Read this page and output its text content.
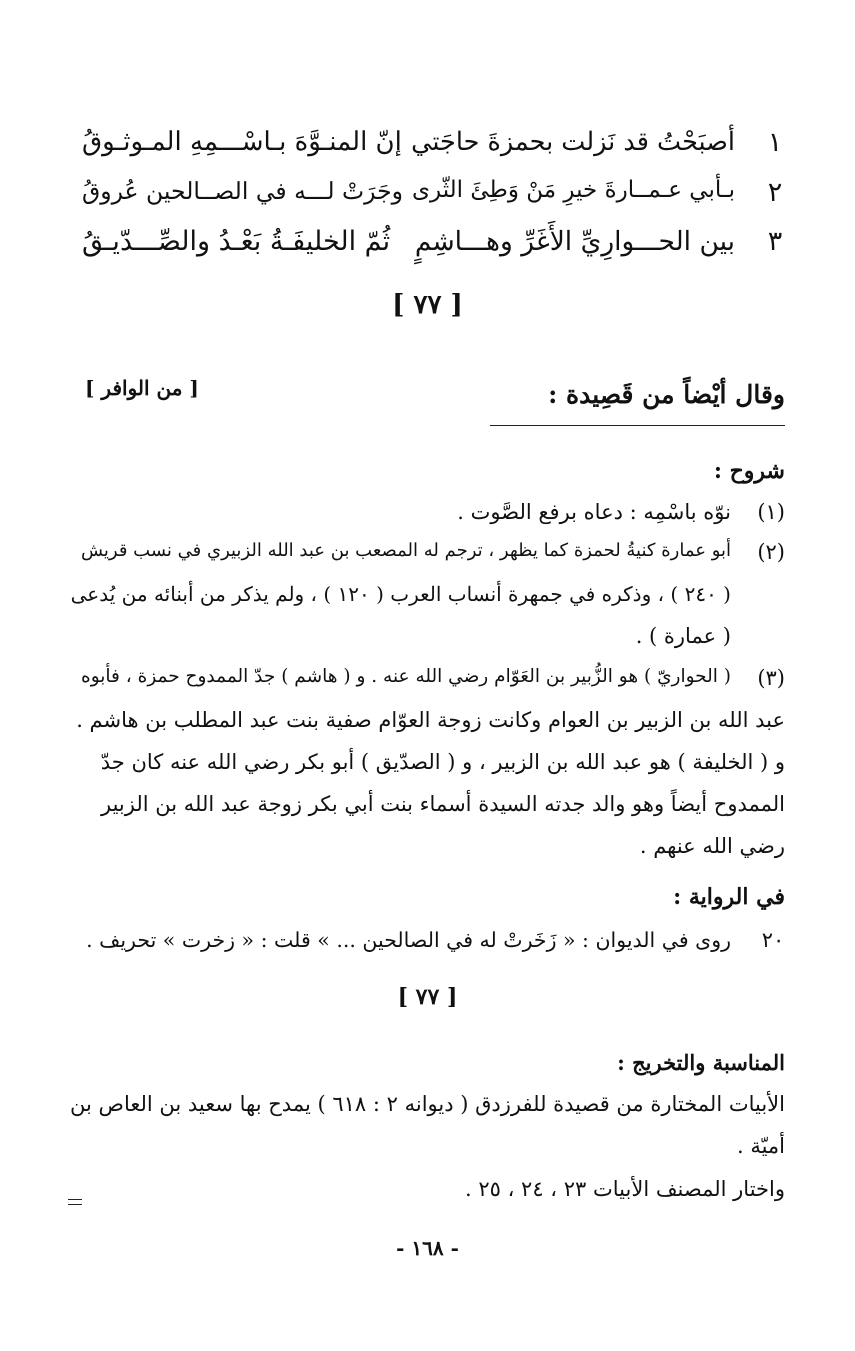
١
أصبَحْتُ قد نَزلت بحمزةَ حاجَتي
إنّ المنـوَّهَ بـاسْـــمِهِ المـوثـوقُ
٢
بـأبي عـمــارةَ خيرِ مَنْ وَطِئَ الثّرى
وجَرَتْ لـــه في الصــالحين عُروقُ
٣
بين الحـــوارِيِّ الأَغَرِّ وهـــاشِمٍ
ثُمّ الخليفَـةُ بَعْـدُ والصِّـــدّيـقُ
[ ٧٧ ]
وقال أيْضاً من قَصِيدة :
[ من الوافر ]
شروح :
(١)
نوّه باسْمِه : دعاه برفع الصَّوت .
(٢)
أبو عمارة كنيةُ لحمزة كما يظهر ، ترجم له المصعب بن عبد الله الزبيري في نسب قريش
( ٢٤٠ ) ، وذكره في جمهرة أنساب العرب ( ١٢٠ ) ، ولم يذكر من أبنائه من يُدعى
( عمارة ) .
(٣)
( الحواريّ ) هو الزُّبير بن العَوّام رضي الله عنه . و ( هاشم ) جدّ الممدوح حمزة ، فأبوه
عبد الله بن الزبير بن العوام وكانت زوجة العوّام صفية بنت عبد المطلب بن هاشم .
و ( الخليفة ) هو عبد الله بن الزبير ، و ( الصدّيق ) أبو بكر رضي الله عنه كان جدّ
الممدوح أيضاً وهو والد جدته السيدة أسماء بنت أبي بكر زوجة عبد الله بن الزبير
رضي الله عنهم .
في الرواية :
٢٠
روى في الديوان : « زَخَرتْ له في الصالحين ... » قلت : « زخرت » تحريف .
[ ٧٧ ]
المناسبة والتخريج :
الأبيات المختارة من قصيدة للفرزدق ( ديوانه ٢ : ٦١٨ ) يمدح بها سعيد بن العاص بن
أميّة .
واختار المصنف الأبيات ٢٣ ، ٢٤ ، ٢٥ .
- ١٦٨ -
